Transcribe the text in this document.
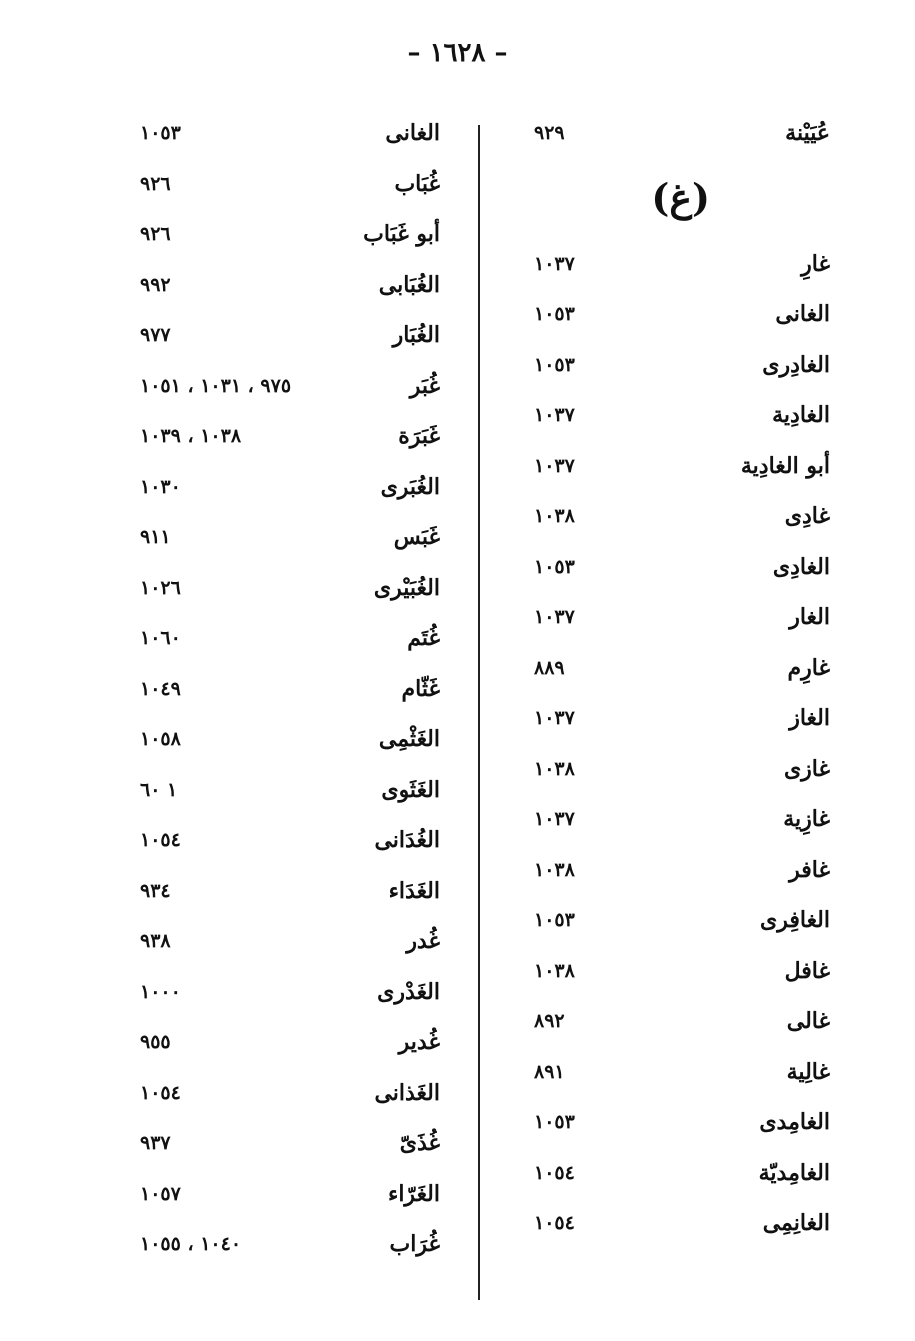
– ١٦٢٨ –
عُيَيْنة
٩٢٩
(غ)
غارِ
١٠٣٧
الغانى
١٠٥٣
الغادِرى
١٠٥٣
الغادِية
١٠٣٧
أبو الغادِية
١٠٣٧
غادِى
١٠٣٨
الغادِى
١٠٥٣
الغار
١٠٣٧
غارِم
٨٨٩
الغاز
١٠٣٧
غازى
١٠٣٨
غازِية
١٠٣٧
غافر
١٠٣٨
الغافِرى
١٠٥٣
غافل
١٠٣٨
غالى
٨٩٢
غالِية
٨٩١
الغامِدى
١٠٥٣
الغامِديّة
١٠٥٤
الغانِمِى
١٠٥٤
الغانى
١٠٥٣
غُبَاب
٩٢٦
أبو غَبَاب
٩٢٦
الغُبَابى
٩٩٢
الغُبَار
٩٧٧
غُبَر
٩٧٥ ، ١٠٣١ ، ١٠٥١
غَبَرَة
١٠٣٨ ، ١٠٣٩
الغُبَرى
١٠٣٠
غَبَس
٩١١
الغُبَيْرى
١٠٢٦
غُتَم
١٠٦٠
غَثّام
١٠٤٩
الغَثْمِى
١٠٥٨
الغَثَوى
١ ٦٠
الغُدَانى
١٠٥٤
الغَدَاء
٩٣٤
غُدر
٩٣٨
الغَدْرى
١٠٠٠
غُدير
٩٥٥
الغَذانى
١٠٥٤
غُذَىّ
٩٣٧
الغَرّاء
١٠٥٧
غُرَاب
١٠٤٠ ، ١٠٥٥
